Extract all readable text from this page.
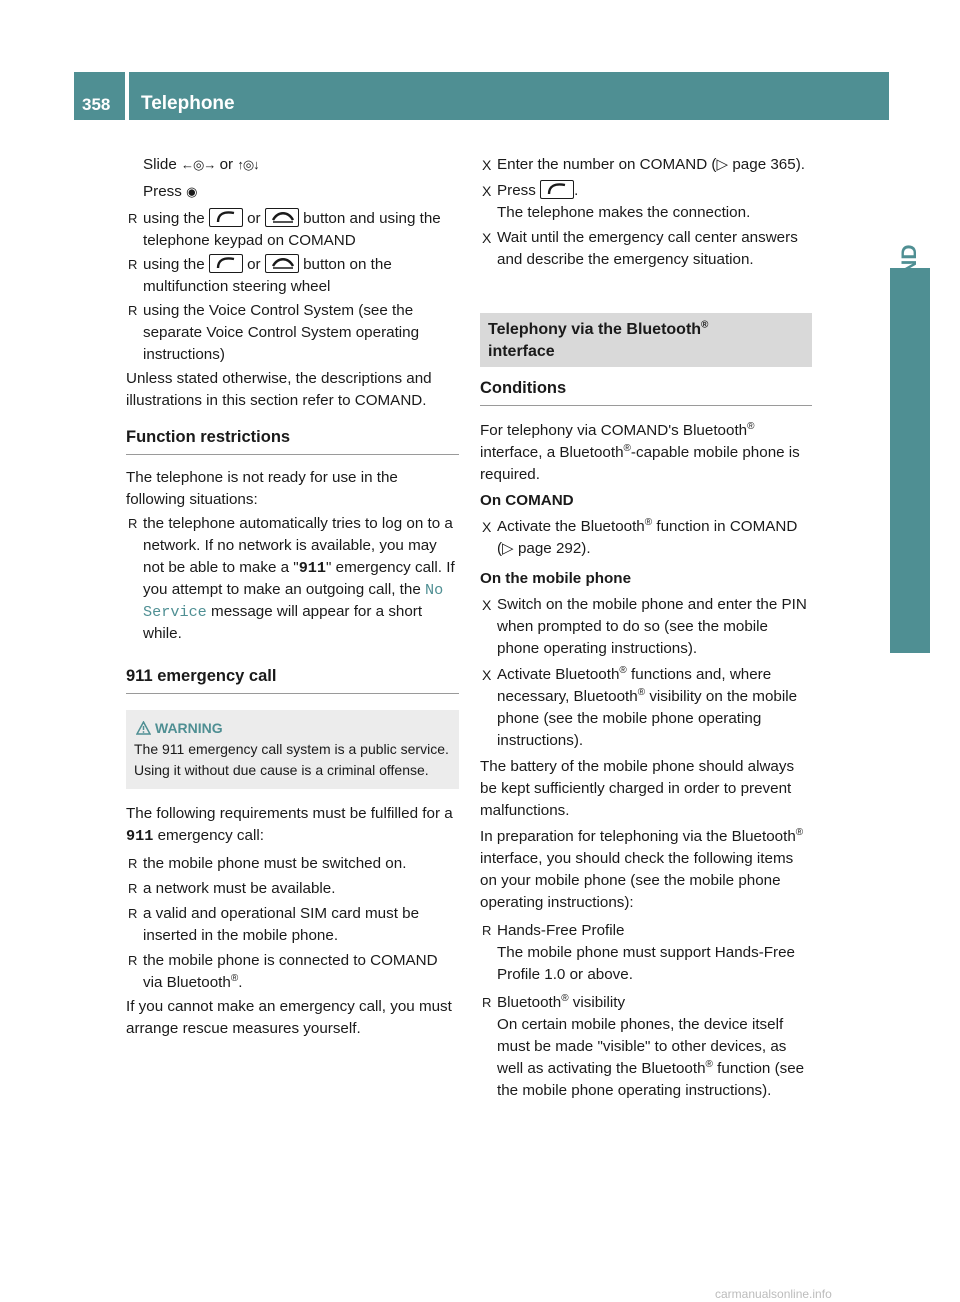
358	Telephone

Slide ←◎→ or ↑◎↓

Press ◉

R using the	or	button and using the telephone keypad on COMAND

R using the	or	button on the multifunction steering wheel

R using the Voice Control System (see the separate Voice Control System operating instructions)

Unless stated otherwise, the descriptions and illustrations in this section refer to COMAND.

Function restrictions

The telephone is not ready for use in the following situations:

R the telephone automatically tries to log on to a network. If no network is available, you may not be able to make a "911" emergency call. If you attempt to make an outgoing call, the No Service message will appear for a short while.

911 emergency call
WARNING

The 911 emergency call system is a public service. Using it without due cause is a criminal offense.

The following requirements must be fulfilled for a 911 emergency call:

R the mobile phone must be switched on.

R a network must be available.

R a valid and operational SIM card must be inserted in the mobile phone.

R the mobile phone is connected to COMAND via Bluetooth®.

If you cannot make an emergency call, you must arrange rescue measures yourself.

X Enter the number on COMAND (▷ page 365).

X Press	.
The telephone makes the connection.

X Wait until the emergency call center answers and describe the emergency situation.

Telephony via the Bluetooth®
interface
Conditions

For telephony via COMAND's Bluetooth® interface, a Bluetooth®-capable mobile phone is required.

On COMAND

X Activate the Bluetooth® function in COMAND (▷ page 292).

On the mobile phone

X Switch on the mobile phone and enter the PIN when prompted to do so (see the mobile phone operating instructions).

X Activate Bluetooth® functions and, where necessary, Bluetooth® visibility on the mobile phone (see the mobile phone operating instructions).

The battery of the mobile phone should always be kept sufficiently charged in order to prevent malfunctions.

In preparation for telephoning via the Bluetooth® interface, you should check the following items on your mobile phone (see the mobile phone operating instructions):

R Hands-Free Profile
The mobile phone must support Hands-Free Profile 1.0 or above.

R Bluetooth® visibility
On certain mobile phones, the device itself must be made "visible" to other devices, as well as activating the Bluetooth® function (see the mobile phone operating instructions).

carmanualsonline.info
